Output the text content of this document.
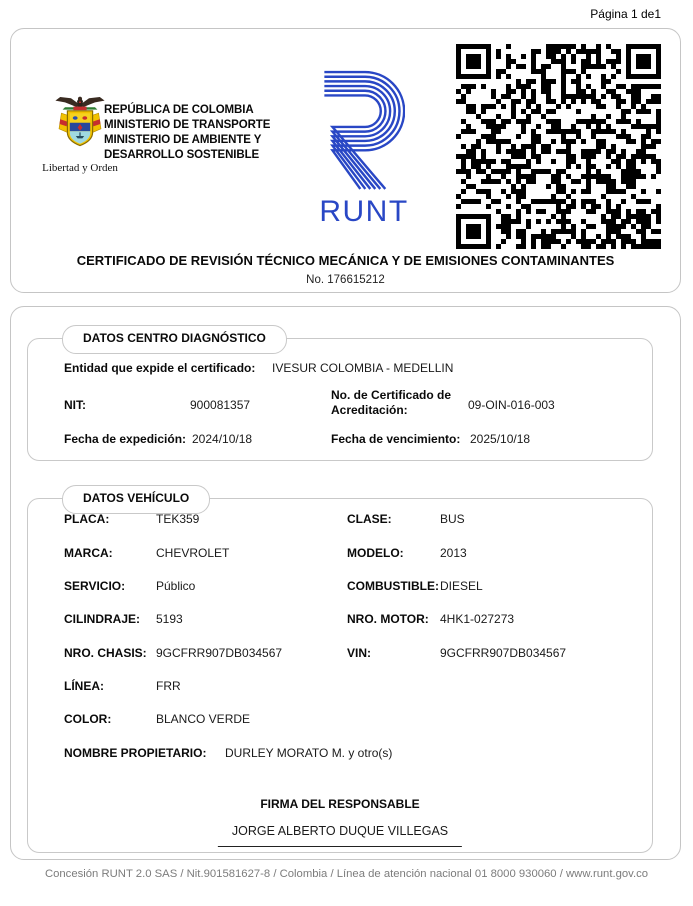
Página 1 de1
Libertad y Orden
REPÚBLICA DE COLOMBIA
MINISTERIO DE TRANSPORTE
MINISTERIO DE AMBIENTE Y
DESARROLLO SOSTENIBLE
RUNT
CERTIFICADO DE REVISIÓN TÉCNICO MECÁNICA Y DE EMISIONES CONTAMINANTES
No. 176615212
DATOS CENTRO DIAGNÓSTICO
Entidad que expide el certificado: IVESUR COLOMBIA - MEDELLIN
NIT:	900081357
No. de Certificado de Acreditación:	09-OIN-016-003
Fecha de expedición: 2024/10/18	Fecha de vencimiento: 2025/10/18
DATOS VEHÍCULO
PLACA:	TEK359	CLASE:	BUS
MARCA:	CHEVROLET	MODELO:	2013
SERVICIO:	Público	COMBUSTIBLE: DIESEL
CILINDRAJE: 5193	NRO. MOTOR: 4HK1-027273
NRO. CHASIS: 9GCFRR907DB034567	VIN:	9GCFRR907DB034567
LÍNEA:	FRR
COLOR:	BLANCO VERDE
NOMBRE PROPIETARIO: DURLEY MORATO M. y otro(s)
FIRMA DEL RESPONSABLE
JORGE ALBERTO DUQUE VILLEGAS
Concesión RUNT 2.0 SAS / Nit.901581627-8 / Colombia / Línea de atención nacional 01 8000 930060 / www.runt.gov.co
